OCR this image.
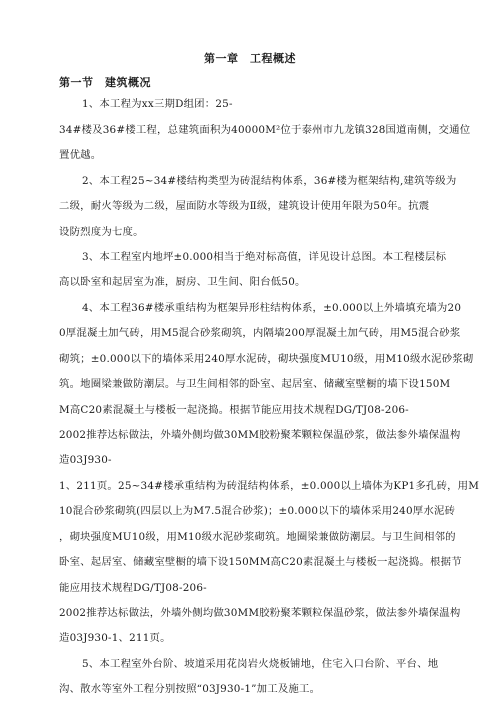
第一章　工程概述
第一节　建筑概况
1、本工程为xx三期D组团：25-
34#楼及36#楼工程，总建筑面积为40000M²位于泰州市九龙镇328国道南侧，交通位
置优越。
2、本工程25~34#楼结构类型为砖混结构体系，36#楼为框架结构,建筑等级为
二级，耐火等级为二级，屋面防水等级为Ⅱ级，建筑设计使用年限为50年。抗震
设防烈度为七度。
3、本工程室内地坪±0.000相当于绝对标高值，详见设计总图。本工程楼层标
高以卧室和起居室为准，厨房、卫生间、阳台低50。
4、本工程36#楼承重结构为框架异形柱结构体系，±0.000以上外墙填充墙为20
0厚混凝土加气砖，用M5混合砂浆砌筑，内隔墙200厚混凝土加气砖，用M5混合砂浆
砌筑；±0.000以下的墙体采用240厚水泥砖，砌块强度MU10级，用M10级水泥砂浆砌
筑。地圈梁兼做防潮层。与卫生间相邻的卧室、起居室、储藏室壁橱的墙下设150M
M高C20素混凝土与楼板一起浇捣。根据节能应用技术规程DG/TJ08-206-
2002推荐达标做法，外墙外侧均做30MM胶粉聚苯颗粒保温砂浆，做法参外墙保温构
造03J930-
1、211页。25~34#楼承重结构为砖混结构体系，±0.000以上墙体为KP1多孔砖，用M
10混合砂浆砌筑(四层以上为M7.5混合砂浆)；±0.000以下的墙体采用240厚水泥砖
，砌块强度MU10级，用M10级水泥砂浆砌筑。地圈梁兼做防潮层。与卫生间相邻的
卧室、起居室、储藏室壁橱的墙下设150MM高C20素混凝土与楼板一起浇捣。根据节
能应用技术规程DG/TJ08-206-
2002推荐达标做法，外墙外侧均做30MM胶粉聚苯颗粒保温砂浆，做法参外墙保温构
造03J930-1、211页。
5、本工程室外台阶、坡道采用花岗岩火烧板铺地，住宅入口台阶、平台、地
沟、散水等室外工程分别按照“03J930-1”加工及施工。
